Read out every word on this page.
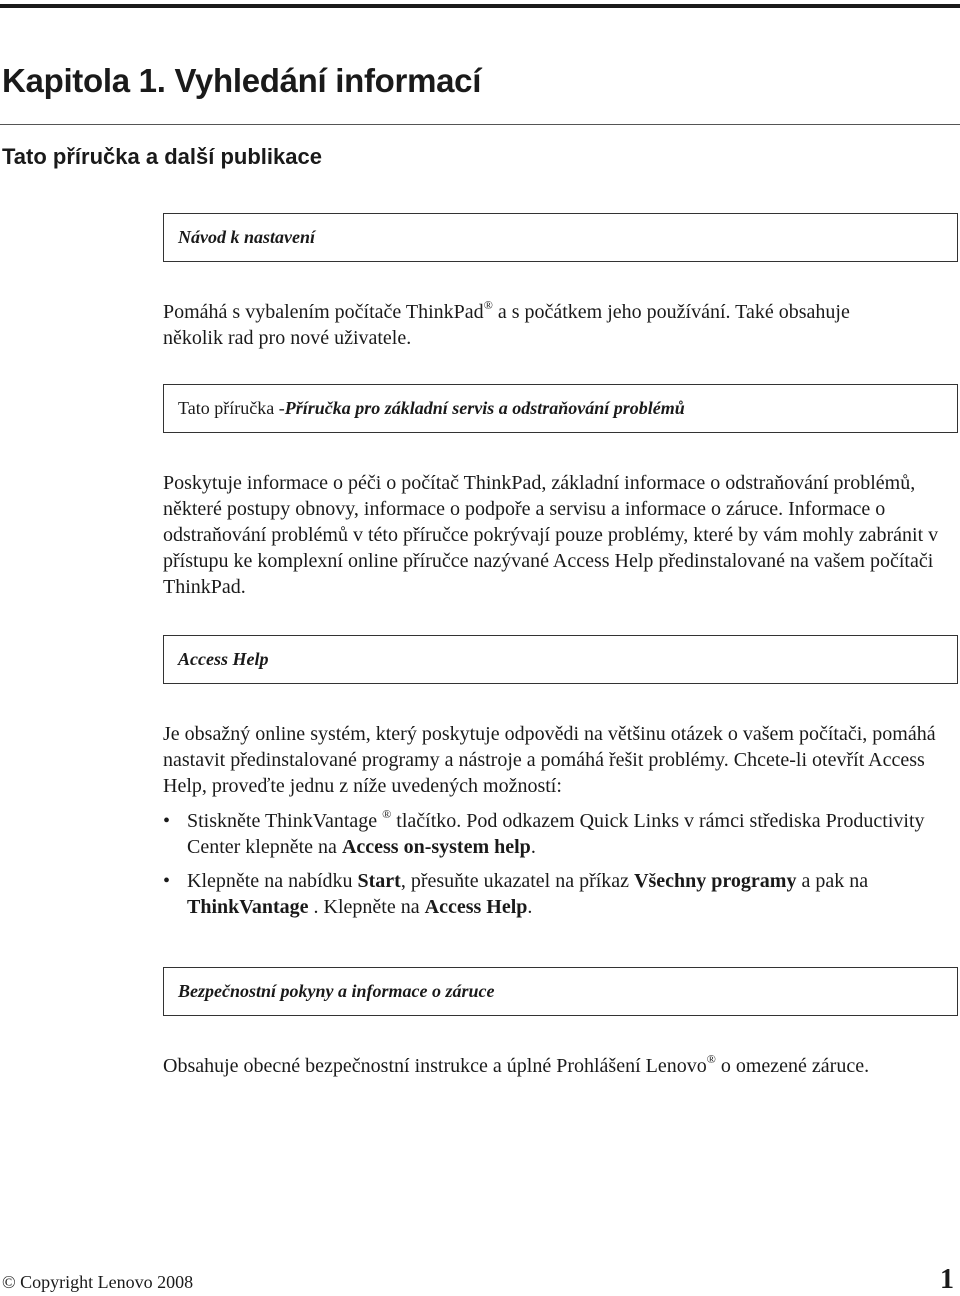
Kapitola 1. Vyhledání informací
Tato příručka a další publikace
Návod k nastavení

Pomáhá s vybalením počítače ThinkPad® a s počátkem jeho používání. Také obsahuje
několik rad pro nové uživatele.

Tato příručka - Příručka pro základní servis a odstraňování problémů

Poskytuje informace o péči o počítač ThinkPad, základní informace o odstraňování problémů, některé postupy obnovy, informace o podpoře a servisu a informace o záruce. Informace o odstraňování problémů v této příručce pokrývají pouze problémy, které by vám mohly zabránit v přístupu ke komplexní online příručce nazývané Access Help předinstalované na vašem počítači ThinkPad.

Access Help

Je obsažný online systém, který poskytuje odpovědi na většinu otázek o vašem počítači, pomáhá nastavit předinstalované programy a nástroje a pomáhá řešit problémy. Chcete-li otevřít Access Help, proveďte jednu z níže uvedených možností:

• Stiskněte ThinkVantage ® tlačítko. Pod odkazem Quick Links v rámci střediska Productivity Center klepněte na Access on-system help.
• Klepněte na nabídku Start, přesuňte ukazatel na příkaz Všechny programy a pak na ThinkVantage . Klepněte na Access Help.
Bezpečnostní pokyny a informace o záruce

Obsahuje obecné bezpečnostní instrukce a úplné Prohlášení Lenovo® o omezené záruce.

© Copyright Lenovo 2008	1
